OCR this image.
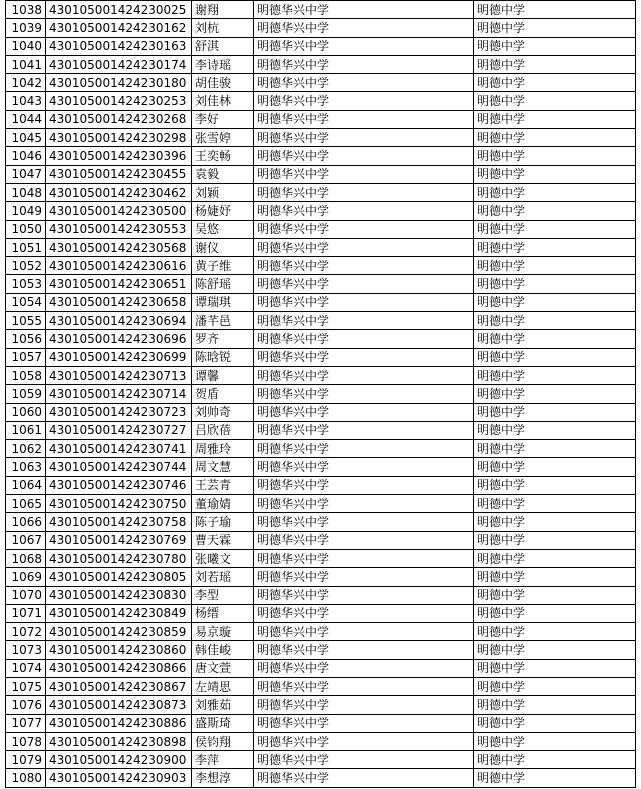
1038	430105001424230025	谢翔	明德华兴中学	明德中学
1039	430105001424230162	刘杭	明德华兴中学	明德中学
1040	430105001424230163	舒淇	明德华兴中学	明德中学
1041	430105001424230174	李诗瑶	明德华兴中学	明德中学
1042	430105001424230180	胡佳骏	明德华兴中学	明德中学
1043	430105001424230253	刘佳林	明德华兴中学	明德中学
1044	430105001424230268	李好	明德华兴中学	明德中学
1045	430105001424230298	张雪婷	明德华兴中学	明德中学
1046	430105001424230396	王奕畅	明德华兴中学	明德中学
1047	430105001424230455	袁毅	明德华兴中学	明德中学
1048	430105001424230462	刘颖	明德华兴中学	明德中学
1049	430105001424230500	杨婕妤	明德华兴中学	明德中学
1050	430105001424230553	吴悠	明德华兴中学	明德中学
1051	430105001424230568	谢仪	明德华兴中学	明德中学
1052	430105001424230616	黄子维	明德华兴中学	明德中学
1053	430105001424230651	陈舒瑶	明德华兴中学	明德中学
1054	430105001424230658	谭瑞琪	明德华兴中学	明德中学
1055	430105001424230694	潘芊邑	明德华兴中学	明德中学
1056	430105001424230696	罗齐	明德华兴中学	明德中学
1057	430105001424230699	陈晗锐	明德华兴中学	明德中学
1058	430105001424230713	谭馨	明德华兴中学	明德中学
1059	430105001424230714	贺盾	明德华兴中学	明德中学
1060	430105001424230723	刘帅奇	明德华兴中学	明德中学
1061	430105001424230727	吕欣蓓	明德华兴中学	明德中学
1062	430105001424230741	周雅玲	明德华兴中学	明德中学
1063	430105001424230744	周文慧	明德华兴中学	明德中学
1064	430105001424230746	王芸青	明德华兴中学	明德中学
1065	430105001424230750	董瑜婧	明德华兴中学	明德中学
1066	430105001424230758	陈子瑜	明德华兴中学	明德中学
1067	430105001424230769	曹天霖	明德华兴中学	明德中学
1068	430105001424230780	张曦文	明德华兴中学	明德中学
1069	430105001424230805	刘若瑶	明德华兴中学	明德中学
1070	430105001424230830	李型	明德华兴中学	明德中学
1071	430105001424230849	杨缙	明德华兴中学	明德中学
1072	430105001424230859	易京璇	明德华兴中学	明德中学
1073	430105001424230860	韩佳峻	明德华兴中学	明德中学
1074	430105001424230866	唐文萱	明德华兴中学	明德中学
1075	430105001424230867	左靖思	明德华兴中学	明德中学
1076	430105001424230873	刘雅茹	明德华兴中学	明德中学
1077	430105001424230886	盛斯琦	明德华兴中学	明德中学
1078	430105001424230898	侯钧翔	明德华兴中学	明德中学
1079	430105001424230900	李萍	明德华兴中学	明德中学
1080	430105001424230903	李想淳	明德华兴中学	明德中学
